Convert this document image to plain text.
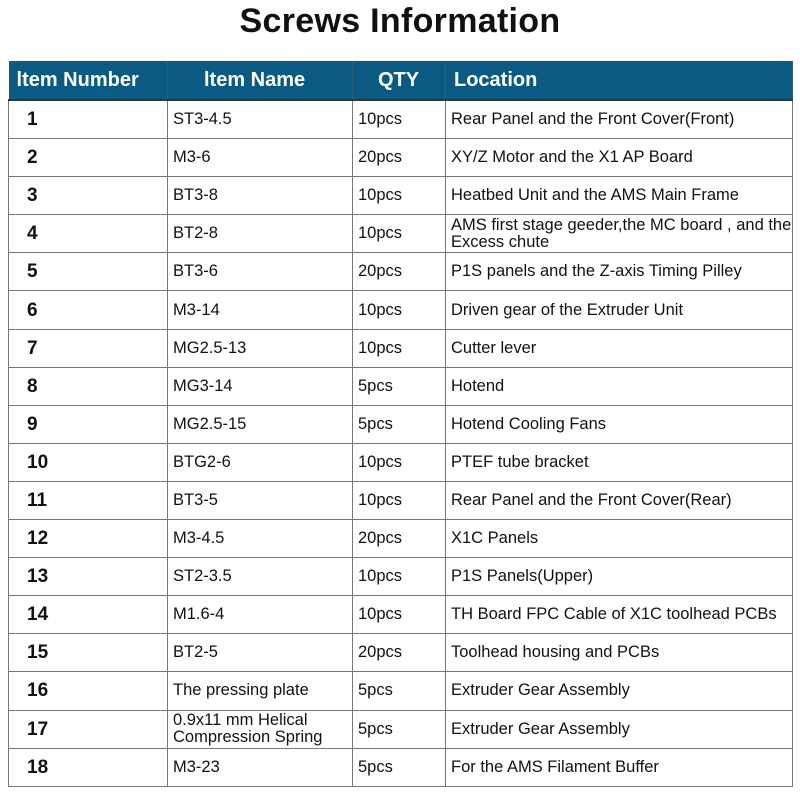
Screws Information
ltem Number	ltem Name	QTY	Location
1	ST3-4.5	10pcs	Rear Panel and the Front Cover(Front)
2	M3-6	20pcs	XY/Z Motor and the X1 AP Board
3	BT3-8	10pcs	Heatbed Unit and the AMS Main Frame
4	BT2-8	10pcs	AMS first stage geeder,the MC board , and the Excess chute
5	BT3-6	20pcs	P1S panels and the Z-axis Timing Pilley
6	M3-14	10pcs	Driven gear of the Extruder Unit
7	MG2.5-13	10pcs	Cutter lever
8	MG3-14	5pcs	Hotend
9	MG2.5-15	5pcs	Hotend Cooling Fans
10	BTG2-6	10pcs	PTEF tube bracket
11	BT3-5	10pcs	Rear Panel and the Front Cover(Rear)
12	M3-4.5	20pcs	X1C Panels
13	ST2-3.5	10pcs	P1S Panels(Upper)
14	M1.6-4	10pcs	TH Board FPC Cable of X1C toolhead PCBs
15	BT2-5	20pcs	Toolhead housing and PCBs
16	The pressing plate	5pcs	Extruder Gear Assembly
17	0.9x11 mm Helical Compression Spring	5pcs	Extruder Gear Assembly
18	M3-23	5pcs	For the AMS Filament Buffer
